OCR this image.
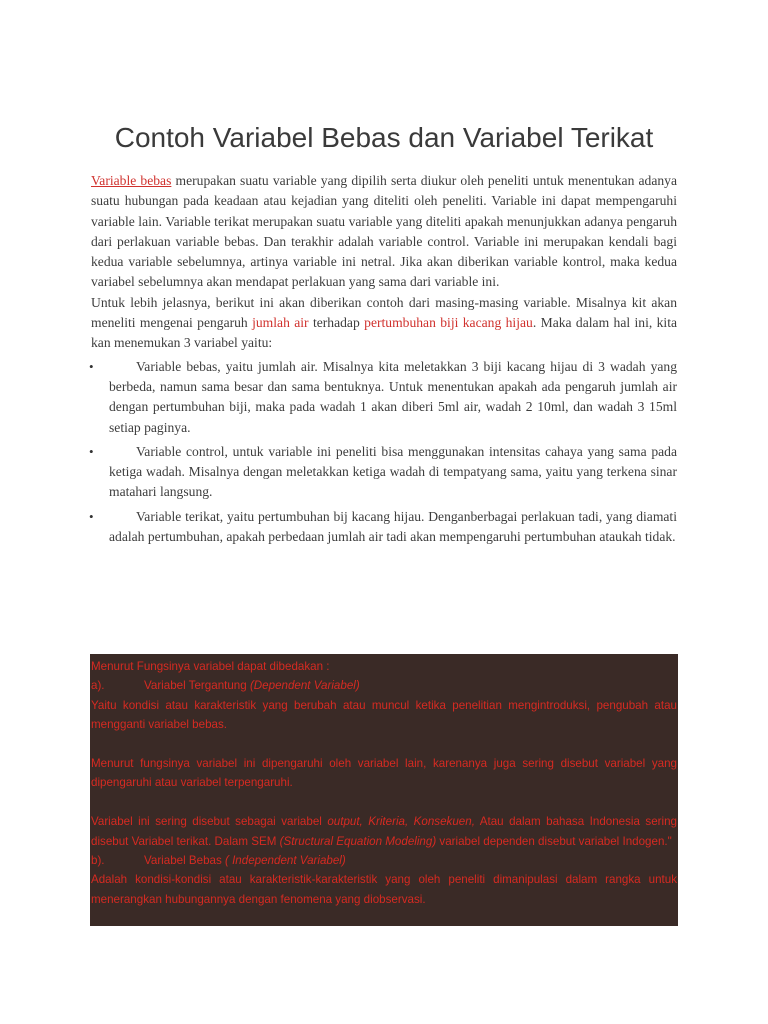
Contoh Variabel Bebas dan Variabel Terikat

Variable bebas merupakan suatu variable yang dipilih serta diukur oleh peneliti untuk menentukan adanya suatu hubungan pada keadaan atau kejadian yang diteliti oleh peneliti. Variable ini dapat mempengaruhi variable lain. Variable terikat merupakan suatu variable yang diteliti apakah menunjukkan adanya pengaruh dari perlakuan variable bebas. Dan terakhir adalah variable control. Variable ini merupakan kendali bagi kedua variable sebelumnya, artinya variable ini netral. Jika akan diberikan variable kontrol, maka kedua variabel sebelumnya akan mendapat perlakuan yang sama dari variable ini.

Untuk lebih jelasnya, berikut ini akan diberikan contoh dari masing-masing variable. Misalnya kit akan meneliti mengenai pengaruh jumlah air terhadap pertumbuhan biji kacang hijau. Maka dalam hal ini, kita kan menemukan 3 variabel yaitu:

• Variable bebas, yaitu jumlah air. Misalnya kita meletakkan 3 biji kacang hijau di 3 wadah yang berbeda, namun sama besar dan sama bentuknya. Untuk menentukan apakah ada pengaruh jumlah air dengan pertumbuhan biji, maka pada wadah 1 akan diberi 5ml air, wadah 2 10ml, dan wadah 3 15ml setiap paginya.
• Variable control, untuk variable ini peneliti bisa menggunakan intensitas cahaya yang sama pada ketiga wadah. Misalnya dengan meletakkan ketiga wadah di tempatyang sama, yaitu yang terkena sinar matahari langsung.
• Variable terikat, yaitu pertumbuhan bij kacang hijau. Denganberbagai perlakuan tadi, yang diamati adalah pertumbuhan, apakah perbedaan jumlah air tadi akan mempengaruhi pertumbuhan ataukah tidak.

Menurut Fungsinya variabel dapat dibedakan :

a).	Variabel Tergantung (Dependent Variabel)

Yaitu kondisi atau karakteristik yang berubah atau muncul ketika penelitian mengintroduksi, pengubah atau mengganti variabel bebas.

Menurut fungsinya variabel ini dipengaruhi oleh variabel lain, karenanya juga sering disebut variabel yang dipengaruhi atau variabel terpengaruhi.

Variabel ini sering disebut sebagai variabel output, Kriteria, Konsekuen, Atau dalam bahasa Indonesia sering disebut Variabel terikat. Dalam SEM (Structural Equation Modeling) variabel dependen disebut variabel Indogen."

b).	Variabel Bebas ( Independent Variabel)

Adalah kondisi-kondisi atau karakteristik-karakteristik yang oleh peneliti dimanipulasi dalam rangka untuk menerangkan hubungannya dengan fenomena yang diobservasi.
